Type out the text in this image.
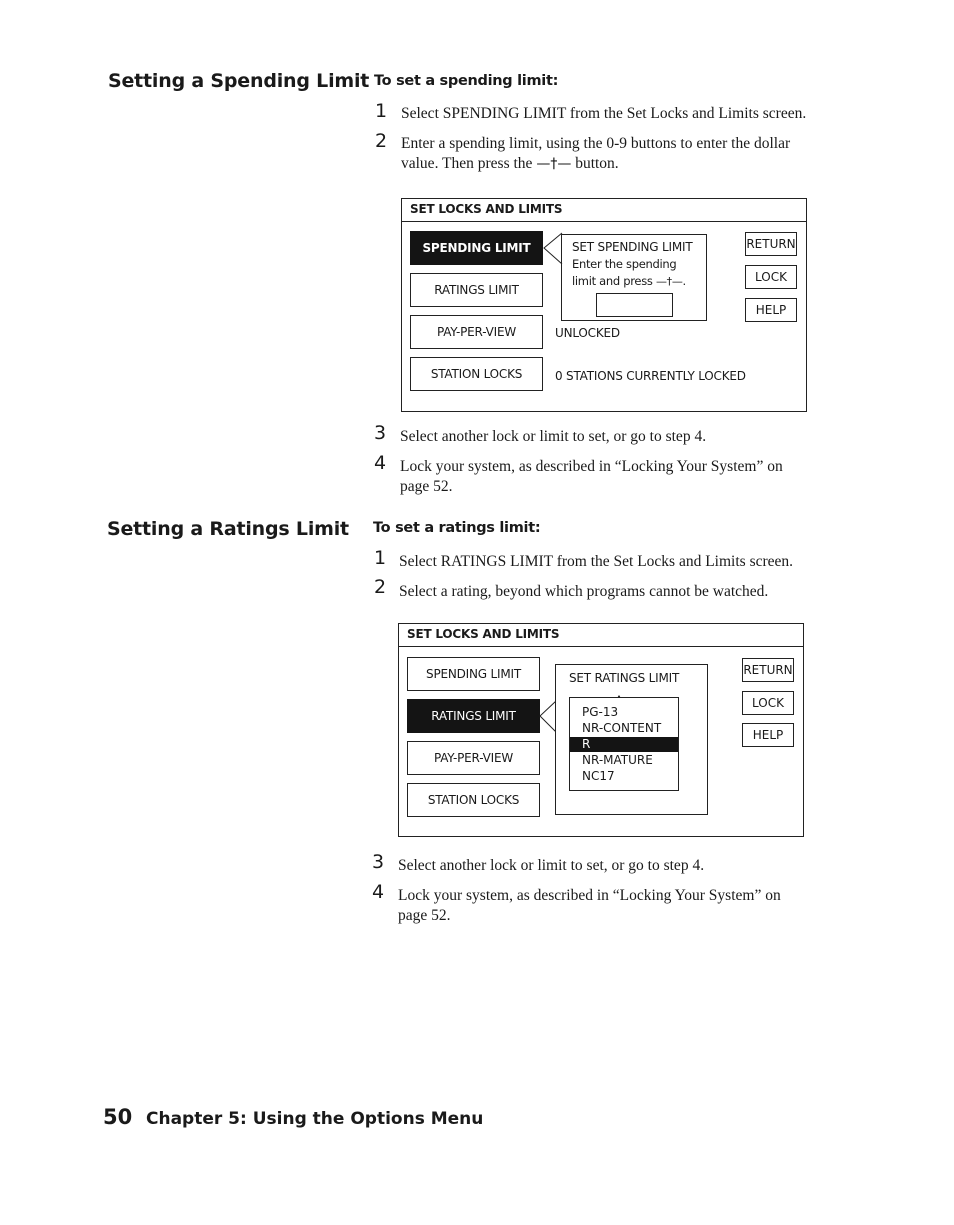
Setting a Spending Limit To set a spending limit:
1 Select SPENDING LIMIT from the Set Locks and Limits screen.
2 Enter a spending limit, using the 0-9 buttons to enter the dollar
value. Then press the —†— button.
SET LOCKS AND LIMITS
SPENDING LIMIT
RATINGS LIMIT
PAY-PER-VIEW
STATION LOCKS
SET SPENDING LIMIT
Enter the spending
limit and press —†—.
UNLOCKED
0 STATIONS CURRENTLY LOCKED
RETURN
LOCK
HELP
3 Select another lock or limit to set, or go to step 4.
4 Lock your system, as described in “Locking Your System” on
page 52.
Setting a Ratings Limit To set a ratings limit:
1 Select RATINGS LIMIT from the Set Locks and Limits screen.
2 Select a rating, beyond which programs cannot be watched.
SET LOCKS AND LIMITS
SPENDING LIMIT
RATINGS LIMIT
PAY-PER-VIEW
STATION LOCKS
SET RATINGS LIMIT
PG-13
NR-CONTENT
R
NR-MATURE
NC17
RETURN
LOCK
HELP
3 Select another lock or limit to set, or go to step 4.
4 Lock your system, as described in “Locking Your System” on
page 52.
50 Chapter 5: Using the Options Menu
